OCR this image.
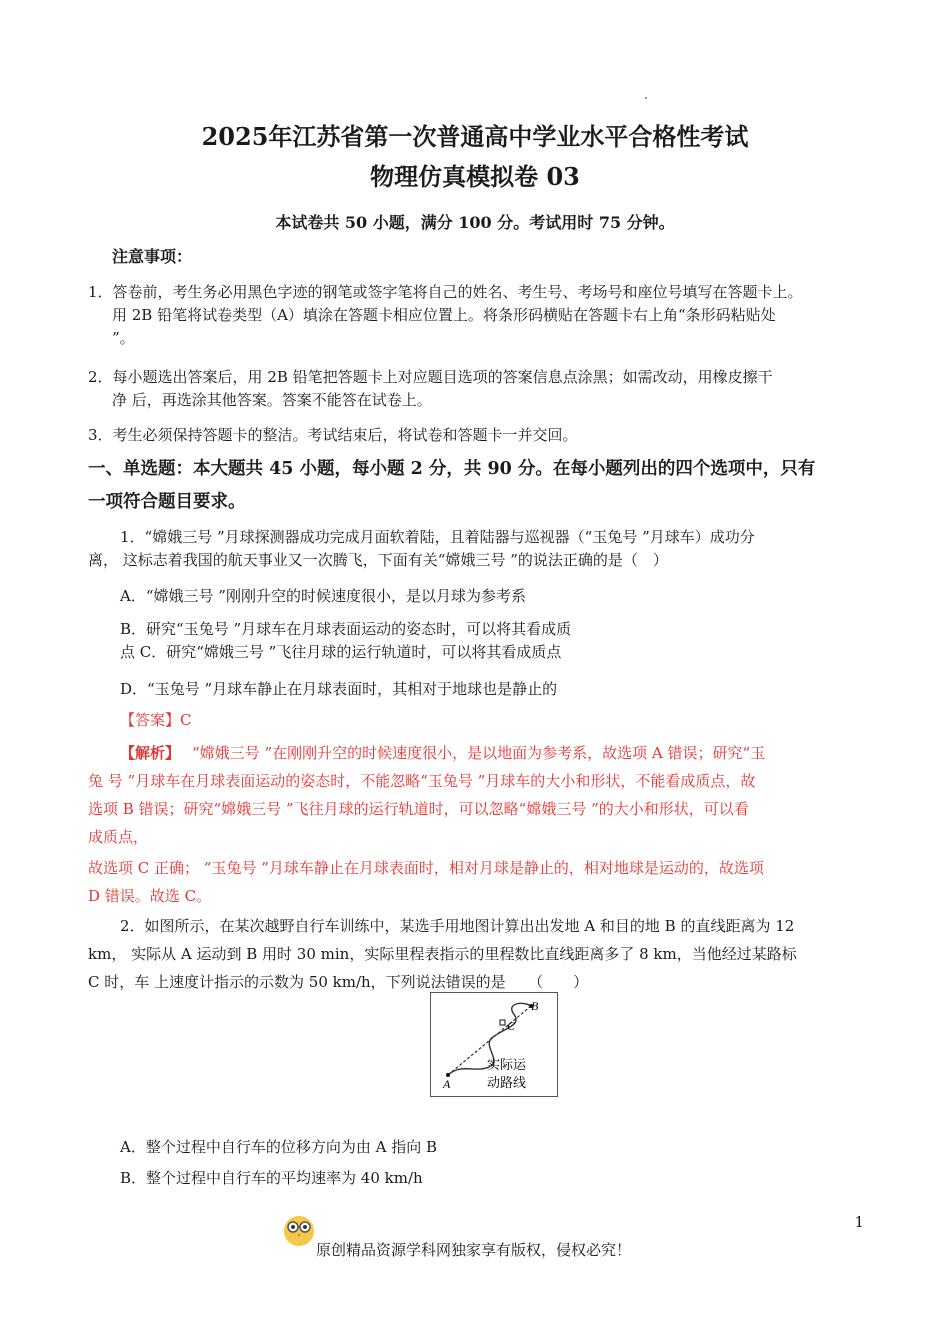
2025年江苏省第一次普通高中学业水平合格性考试
物理仿真模拟卷 03
本试卷共 50 小题，满分 100 分。考试用时 75 分钟。
注意事项：
1．答卷前，考生务必用黑色字迹的钢笔或签字笔将自己的姓名、考生号、考场号和座位号填写在答题卡上。
用 2B 铅笔将试卷类型（A）填涂在答题卡相应位置上。将条形码横贴在答题卡右上角“条形码粘贴处
”。
2．每小题选出答案后，用 2B 铅笔把答题卡上对应题目选项的答案信息点涂黑；如需改动，用橡皮擦干
净 后，再选涂其他答案。答案不能答在试卷上。
3．考生必须保持答题卡的整洁。考试结束后，将试卷和答题卡一并交回。
一、单选题：本大题共 45 小题，每小题 2 分，共 90 分。在每小题列出的四个选项中，只有
一项符合题目要求。
1．“嫦娥三号 ”月球探测器成功完成月面软着陆，且着陆器与巡视器（“玉兔号 ”月球车）成功分
离， 这标志着我国的航天事业又一次腾飞，下面有关“嫦娥三号 ”的说法正确的是（　）
A．“嫦娥三号 ”刚刚升空的时候速度很小，是以月球为参考系
B．研究“玉兔号 ”月球车在月球表面运动的姿态时，可以将其看成质
点 C．研究“嫦娥三号 ”飞往月球的运行轨道时，可以将其看成质点
D．“玉兔号 ”月球车静止在月球表面时，其相对于地球也是静止的
【答案】C
【解析】 “嫦娥三号 ”在刚刚升空的时候速度很小，是以地面为参考系，故选项 A 错误；研究“玉
兔 号 ”月球车在月球表面运动的姿态时，不能忽略“玉兔号 ”月球车的大小和形状，不能看成质点，故
选项 B 错误；研究“嫦娥三号 ”飞往月球的运行轨道时，可以忽略“嫦娥三号 ”的大小和形状，可以看
成质点，
故选项 C 正确； “玉兔号 ”月球车静止在月球表面时，相对月球是静止的，相对地球是运动的，故选项
D 错误。故选 C。
2．如图所示，在某次越野自行车训练中，某选手用地图计算出出发地 A 和目的地 B 的直线距离为 12
km， 实际从 A 运动到 B 用时 30 min，实际里程表指示的里程数比直线距离多了 8 km，当他经过某路标
C 时，车 上速度计指示的示数为 50 km/h，下列说法错误的是　　（　　）
A
B
C
实际运
动路线
A．整个过程中自行车的位移方向为由 A 指向 B
B．整个过程中自行车的平均速率为 40 km/h
1
原创精品资源学科网独家享有版权，侵权必究！
